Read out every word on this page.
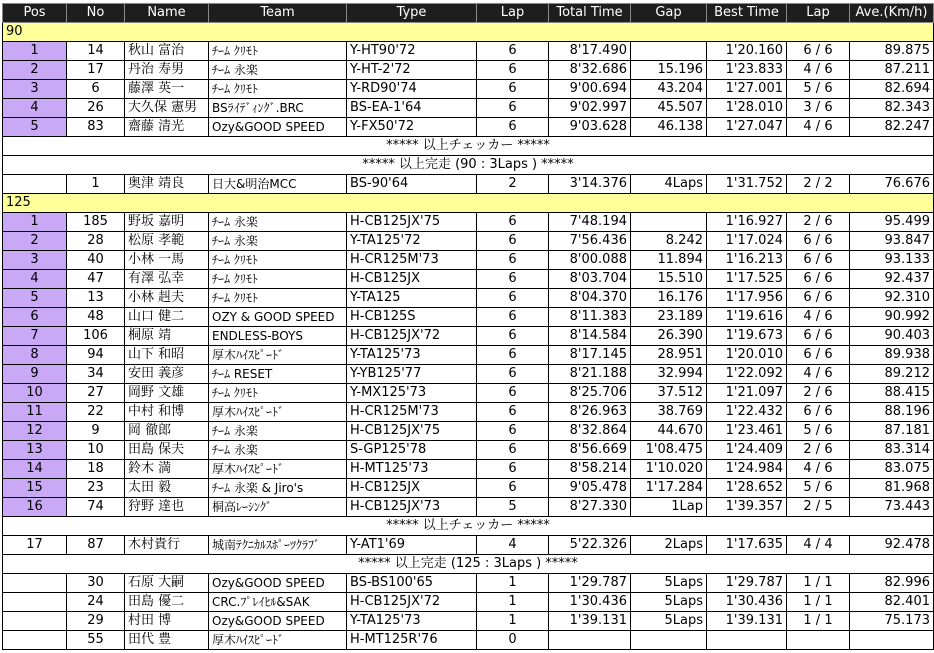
Pos	No	Name	Team	Type	Lap	Total Time	Gap	Best Time	Lap	Ave.(Km/h)
90										
1	14	秋山 富治	ﾁｰﾑ ｸﾘﾓﾄ	Y-HT90'72	6	8'17.490		1'20.160	6 / 6	89.875
2	17	丹治 寿男	ﾁｰﾑ 永楽	Y-HT-2'72	6	8'32.686	15.196	1'23.833	4 / 6	87.211
3	6	藤澤 英一	ﾁｰﾑ ｸﾘﾓﾄ	Y-RD90'74	6	9'00.694	43.204	1'27.001	5 / 6	82.694
4	26	大久保 憲男	BSﾗｲﾃﾞｨﾝｸﾞ.BRC	BS-EA-1'64	6	9'02.997	45.507	1'28.010	3 / 6	82.343
5	83	齋藤 清光	Ozy&GOOD SPEED	Y-FX50'72	6	9'03.628	46.138	1'27.047	4 / 6	82.247
***** 以上チェッカー *****										
***** 以上完走 (90 : 3Laps ) *****										
	1	奥津 靖良	日大&明治MCC	BS-90'64	2	3'14.376	4Laps	1'31.752	2 / 2	76.676
125										
1	185	野坂 嘉明	ﾁｰﾑ 永楽	H-CB125JX'75	6	7'48.194		1'16.927	2 / 6	95.499
2	28	松原 孝範	ﾁｰﾑ 永楽	Y-TA125'72	6	7'56.436	8.242	1'17.024	6 / 6	93.847
3	40	小林 一馬	ﾁｰﾑ ｸﾘﾓﾄ	H-CR125M'73	6	8'00.088	11.894	1'16.213	6 / 6	93.133
4	47	有澤 弘幸	ﾁｰﾑ ｸﾘﾓﾄ	H-CB125JX	6	8'03.704	15.510	1'17.525	6 / 6	92.437
5	13	小林 赳夫	ﾁｰﾑ ｸﾘﾓﾄ	Y-TA125	6	8'04.370	16.176	1'17.956	6 / 6	92.310
6	48	山口 健二	OZY & GOOD SPEED	H-CB125S	6	8'11.383	23.189	1'19.616	4 / 6	90.992
7	106	桐原 靖	ENDLESS-BOYS	H-CB125JX'72	6	8'14.584	26.390	1'19.673	6 / 6	90.403
8	94	山下 和昭	厚木ﾊｲｽﾋﾟｰﾄﾞ	Y-TA125'73	6	8'17.145	28.951	1'20.010	6 / 6	89.938
9	34	安田 義彦	ﾁｰﾑ RESET	Y-YB125'77	6	8'21.188	32.994	1'22.092	4 / 6	89.212
10	27	岡野 文雄	ﾁｰﾑ ｸﾘﾓﾄ	Y-MX125'73	6	8'25.706	37.512	1'21.097	2 / 6	88.415
11	22	中村 和博	厚木ﾊｲｽﾋﾟｰﾄﾞ	H-CR125M'73	6	8'26.963	38.769	1'22.432	6 / 6	88.196
12	9	岡 徹郎	ﾁｰﾑ 永楽	H-CB125JX'75	6	8'32.864	44.670	1'23.461	5 / 6	87.181
13	10	田島 保夫	ﾁｰﾑ 永楽	S-GP125'78	6	8'56.669	1'08.475	1'24.409	2 / 6	83.314
14	18	鈴木 満	厚木ﾊｲｽﾋﾟｰﾄﾞ	H-MT125'73	6	8'58.214	1'10.020	1'24.984	4 / 6	83.075
15	23	太田 毅	ﾁｰﾑ 永楽 & Jiro's	H-CB125JX	6	9'05.478	1'17.284	1'28.652	5 / 6	81.968
16	74	狩野 達也	桐高ﾚｰｼﾝｸﾞ	H-CB125JX'73	5	8'27.330	1Lap	1'39.357	2 / 5	73.443
***** 以上チェッカー *****										
17	87	木村貴行	城南ﾃｸﾆｶﾙｽﾎﾟｰﾂｸﾗﾌﾞ	Y-AT1'69	4	5'22.326	2Laps	1'17.635	4 / 4	92.478
***** 以上完走 (125 : 3Laps ) *****										
	30	石原 大嗣	Ozy&GOOD SPEED	BS-BS100'65	1	1'29.787	5Laps	1'29.787	1 / 1	82.996
	24	田島 優二	CRC.ﾌﾟﾚｲﾋﾙ&SAK	H-CB125JX'72	1	1'30.436	5Laps	1'30.436	1 / 1	82.401
	29	村田 博	Ozy&GOOD SPEED	Y-TA125'73	1	1'39.131	5Laps	1'39.131	1 / 1	75.173
	55	田代 豊	厚木ﾊｲｽﾋﾟｰﾄﾞ	H-MT125R'76	0					
